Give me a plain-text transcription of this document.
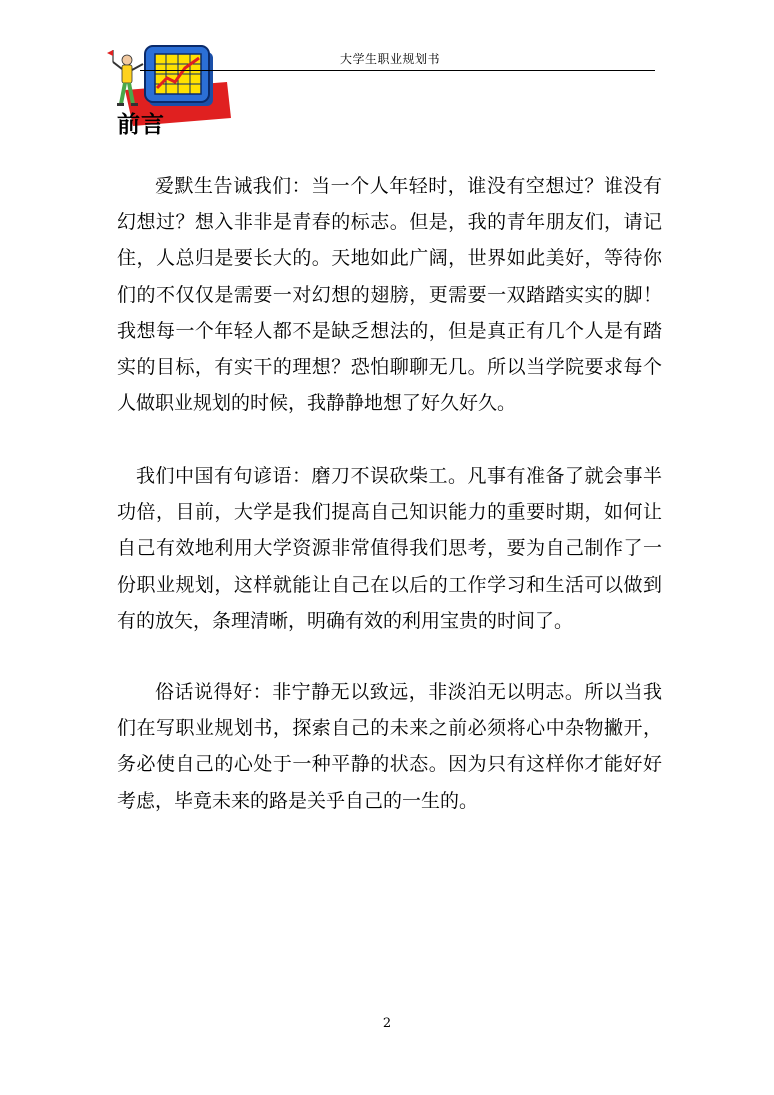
大学生职业规划书
前言

爱默生告诫我们：当一个人年轻时，谁没有空想过？谁没有幻想过？想入非非是青春的标志。但是，我的青年朋友们，请记住，人总归是要长大的。天地如此广阔，世界如此美好，等待你们的不仅仅是需要一对幻想的翅膀，更需要一双踏踏实实的脚！我想每一个年轻人都不是缺乏想法的，但是真正有几个人是有踏实的目标，有实干的理想？恐怕聊聊无几。所以当学院要求每个人做职业规划的时候，我静静地想了好久好久。

我们中国有句谚语：磨刀不误砍柴工。凡事有准备了就会事半功倍，目前，大学是我们提高自己知识能力的重要时期，如何让自己有效地利用大学资源非常值得我们思考，要为自己制作了一份职业规划，这样就能让自己在以后的工作学习和生活可以做到有的放矢，条理清晰，明确有效的利用宝贵的时间了。

俗话说得好：非宁静无以致远，非淡泊无以明志。所以当我们在写职业规划书，探索自己的未来之前必须将心中杂物撇开，务必使自己的心处于一种平静的状态。因为只有这样你才能好好考虑，毕竟未来的路是关乎自己的一生的。

2
